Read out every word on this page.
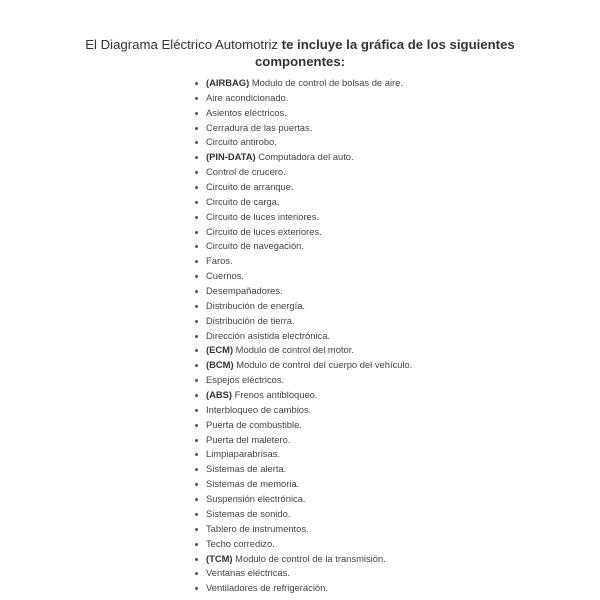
El Diagrama Eléctrico Automotriz te incluye la gráfica de los siguientes
componentes:
(AIRBAG) Modulo de control de bolsas de aire.
Aire acondicionado.
Asientos eléctricos.
Cerradura de las puertas.
Circuito antirobo.
(PIN-DATA) Computadora del auto.
Control de crucero.
Circuito de arranque.
Circuito de carga.
Circuito de luces interiores.
Circuito de luces exteriores.
Circuito de navegación.
Faros.
Cuernos.
Desempañadores.
Distribución de energía.
Distribución de tierra.
Dirección asistida electrónica.
(ECM) Modulo de control del motor.
(BCM) Modulo de control del cuerpo del vehículo.
Espejos eléctricos.
(ABS) Frenos antibloqueo.
Interbloqueo de cambios.
Puerta de combustible.
Puerta del maletero.
Limpiaparabrisas.
Sistemas de alerta.
Sistemas de memoria.
Suspensión electrónica.
Sistemas de sonido.
Tablero de instrumentos.
Techo corredizo.
(TCM) Modulo de control de la transmisión.
Ventanas eléctricas.
Ventiladores de refrigeración.
